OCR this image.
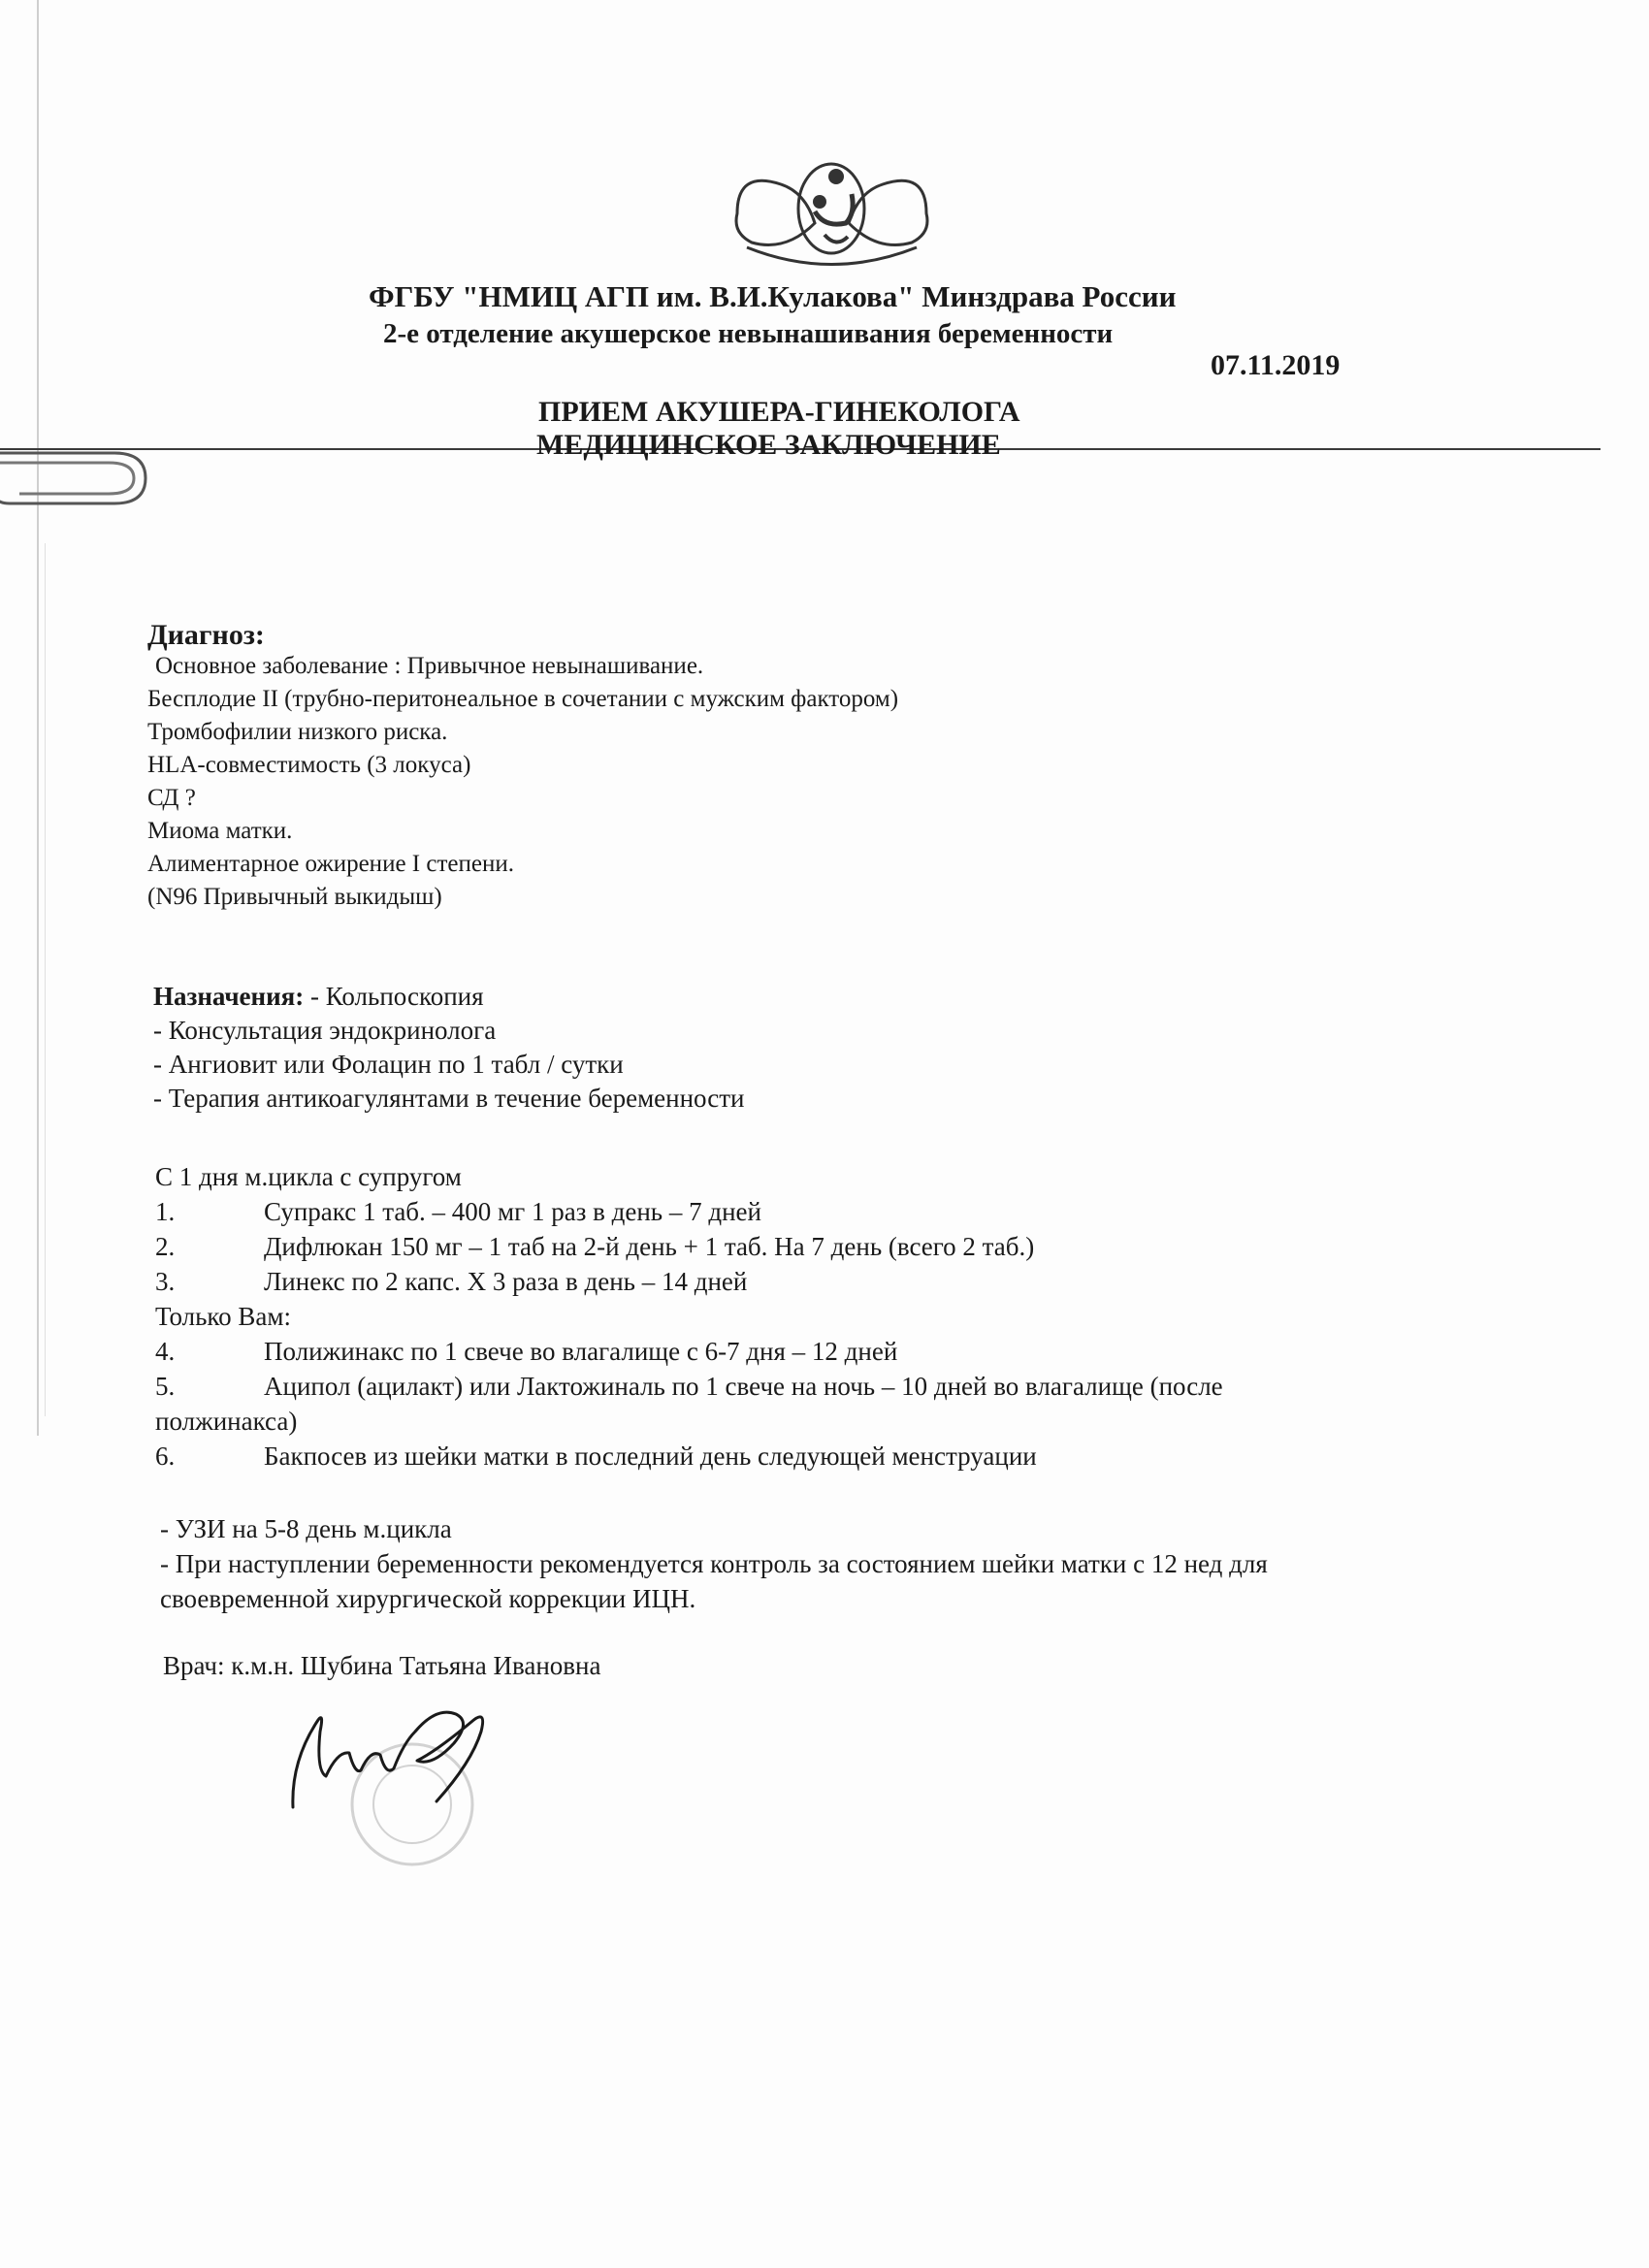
ФГБУ "НМИЦ АГП им. В.И.Кулакова" Минздрава России
2-е отделение акушерское невынашивания беременности
07.11.2019
ПРИЕМ АКУШЕРА-ГИНЕКОЛОГА
МЕДИЦИНСКОЕ ЗАКЛЮЧЕНИЕ
Диагноз:
Основное заболевание : Привычное невынашивание.
Бесплодие II (трубно-перитонеальное в сочетании с мужским фактором)
Тромбофилии низкого риска.
HLA-совместимость (3 локуса)
СД ?
Миома матки.
Алиментарное ожирение I степени.
(N96 Привычный выкидыш)
Назначения: - Кольпоскопия
- Консультация эндокринолога
- Ангиовит или Фолацин по 1 табл / сутки
- Терапия антикоагулянтами в течение беременности
С 1 дня м.цикла с супругом
1.	Супракс 1 таб. – 400 мг 1 раз в день – 7 дней
2.	Дифлюкан 150 мг – 1 таб на 2-й день + 1 таб. На 7 день (всего 2 таб.)
3.	Линекс по 2 капс. Х 3 раза в день – 14 дней
Только Вам:
4.	Полижинакс по 1 свече во влагалище с 6-7 дня – 12 дней
5.	Аципол (ацилакт) или Лактожиналь по 1 свече на ночь – 10 дней во влагалище (после
полжинакса)
6.	Бакпосев из шейки матки в последний день следующей менструации
- УЗИ на 5-8 день м.цикла
- При наступлении беременности рекомендуется контроль за состоянием шейки матки с 12 нед для
своевременной хирургической коррекции ИЦН.
Врач: к.м.н. Шубина Татьяна Ивановна
